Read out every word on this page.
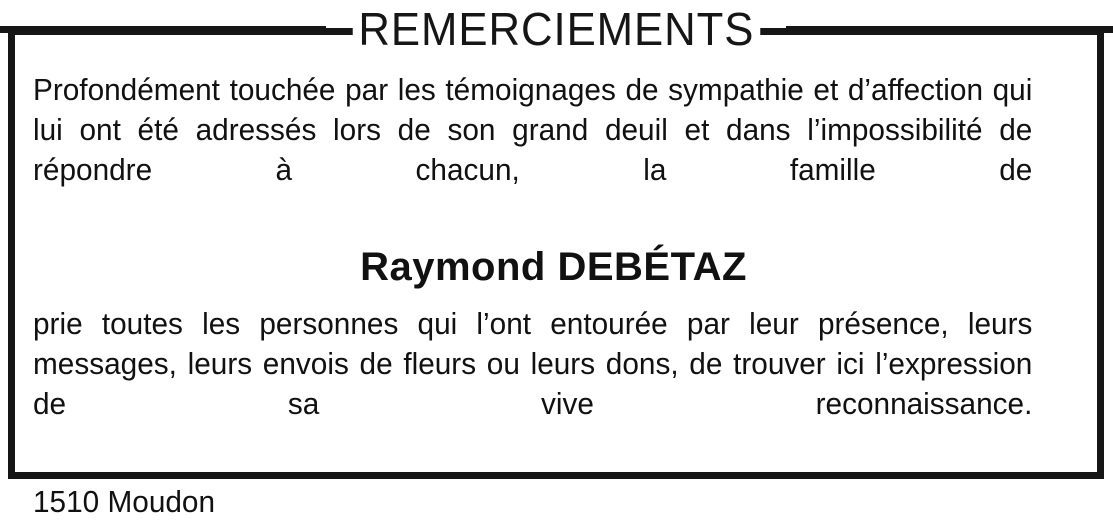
REMERCIEMENTS

Profondément touchée par les témoignages de sympathie et d’affection qui lui ont été adressés lors de son grand deuil et dans l’impossibilité de répondre à chacun, la famille de

Raymond DEBÉTAZ

prie toutes les personnes qui l’ont entourée par leur présence, leurs messages, leurs envois de fleurs ou leurs dons, de trouver ici l’expression de sa vive reconnaissance.

1510 Moudon
